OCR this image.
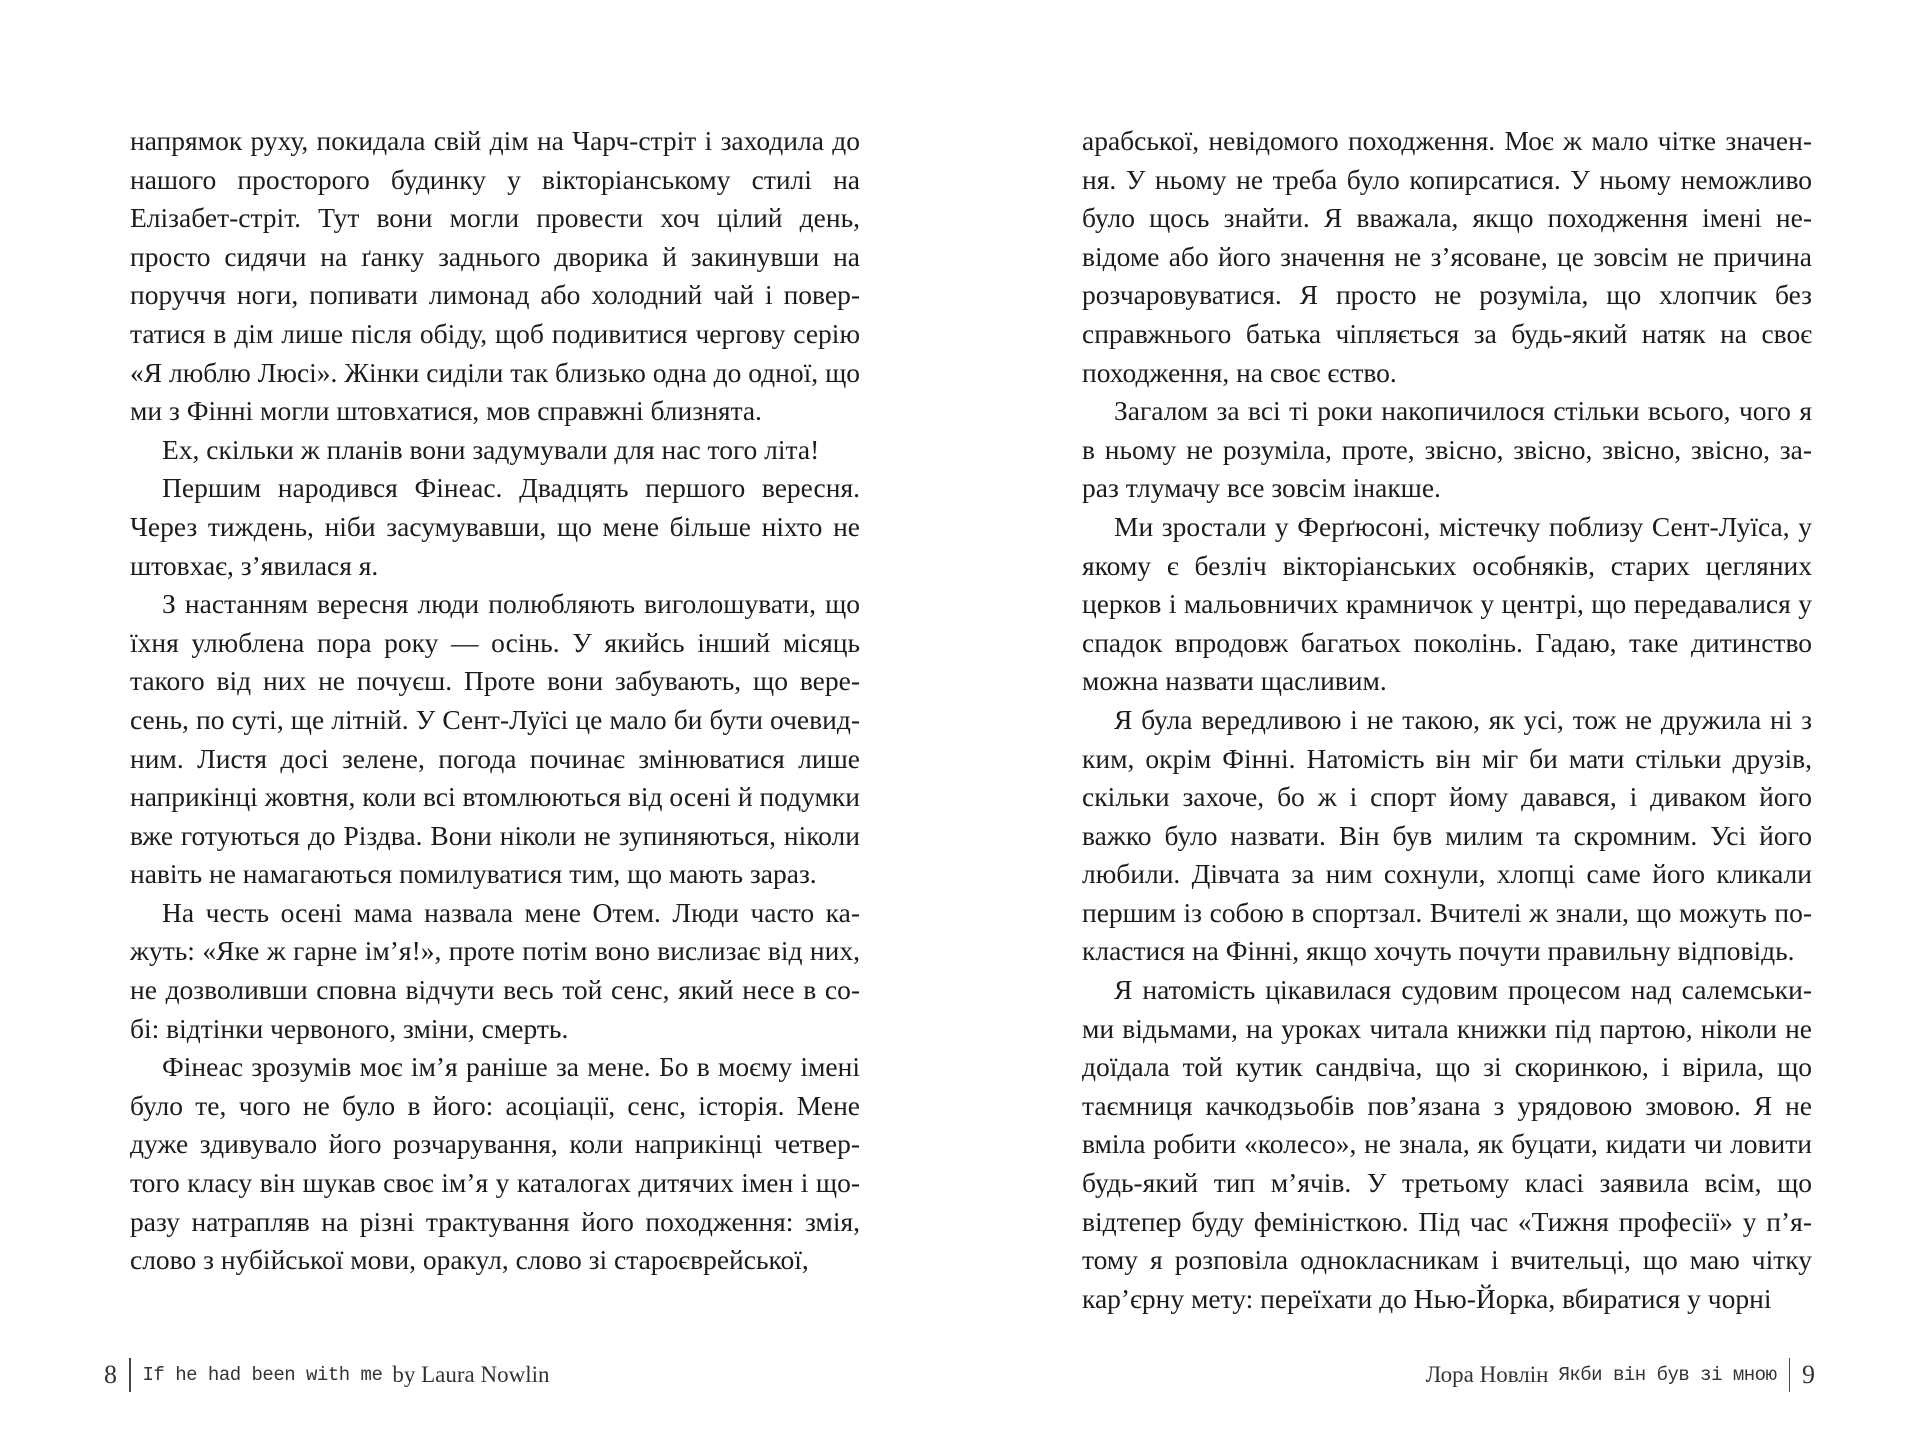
напрямок руху, покидала свій дім на Чарч-стріт і заходила до нашого просторого будинку у вікторіанському стилі на Елізабет-стріт. Тут вони могли провести хоч цілий день, просто сидячи на ґанку заднього дворика й закинувши на поруччя ноги, попивати лимонад або холодний чай і повертатися в дім лише після обіду, щоб подивитися чергову серію «Я люблю Люсі». Жінки сиділи так близько одна до одної, що ми з Фінні могли штовхатися, мов справжні близнята.

Ех, скільки ж планів вони задумували для нас того літа!

Першим народився Фінеас. Двадцять першого вересня. Через тиждень, ніби засумувавши, що мене більше ніхто не штовхає, з’явилася я.

З настанням вересня люди полюбляють виголошувати, що їхня улюблена пора року — осінь. У якийсь інший місяць такого від них не почуєш. Проте вони забувають, що вересень, по суті, ще літній. У Сент-Луїсі це мало би бути очевидним. Листя досі зелене, погода починає змінюватися лише наприкінці жовтня, коли всі втомлюються від осені й подумки вже готуються до Різдва. Вони ніколи не зупиняються, ніколи навіть не намагаються помилуватися тим, що мають зараз.

На честь осені мама назвала мене Отем. Люди часто кажуть: «Яке ж гарне ім’я!», проте потім воно вислизає від них, не дозволивши сповна відчути весь той сенс, який несе в собі: відтінки червоного, зміни, смерть.

Фінеас зрозумів моє ім’я раніше за мене. Бо в моєму імені було те, чого не було в його: асоціації, сенс, історія. Мене дуже здивувало його розчарування, коли наприкінці четвертого класу він шукав своє ім’я у каталогах дитячих імен і щоразу натрапляв на різні трактування його походження: змія, слово з нубійської мови, оракул, слово зі староєврейської,

8 If he had been with me by Laura Nowlin

арабської, невідомого походження. Моє ж мало чітке значення. У ньому не треба було копирсатися. У ньому неможливо було щось знайти. Я вважала, якщо походження імені невідоме або його значення не з’ясоване, це зовсім не причина розчаровуватися. Я просто не розуміла, що хлопчик без справжнього батька чіпляється за будь-який натяк на своє походження, на своє єство.

Загалом за всі ті роки накопичилося стільки всього, чого я в ньому не розуміла, проте, звісно, звісно, звісно, звісно, зараз тлумачу все зовсім інакше.

Ми зростали у Ферґюсоні, містечку поблизу Сент-Луїса, у якому є безліч вікторіанських особняків, старих цегляних церков і мальовничих крамничок у центрі, що передавалися у спадок впродовж багатьох поколінь. Гадаю, таке дитинство можна назвати щасливим.

Я була вередливою і не такою, як усі, тож не дружила ні з ким, окрім Фінні. Натомість він міг би мати стільки друзів, скільки захоче, бо ж і спорт йому давався, і диваком його важко було назвати. Він був милим та скромним. Усі його любили. Дівчата за ним сохнули, хлопці саме його кликали першим із собою в спортзал. Вчителі ж знали, що можуть покластися на Фінні, якщо хочуть почути правильну відповідь.

Я натомість цікавилася судовим процесом над салемськими відьмами, на уроках читала книжки під партою, ніколи не доїдала той кутик сандвіча, що зі скоринкою, і вірила, що таємниця качкодзьобів пов’язана з урядовою змовою. Я не вміла робити «колесо», не знала, як буцати, кидати чи ловити будь-який тип м’ячів. У третьому класі заявила всім, що відтепер буду феміністкою. Під час «Тижня професії» у п’ятому я розповіла однокласникам і вчительці, що маю чітку кар’єрну мету: переїхати до Нью-Йорка, вбиратися у чорні

Лора Новлін Якби він був зі мною 9
